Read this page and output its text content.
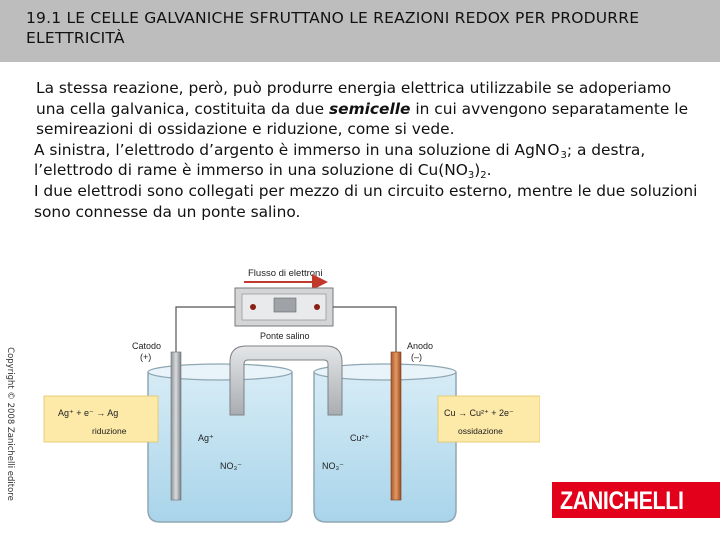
19.1 LE CELLE GALVANICHE SFRUTTANO LE REAZIONI REDOX PER PRODURRE ELETTRICITÀ

La stessa reazione, però, può produrre energia elettrica utilizzabile se adoperiamo una cella galvanica, costituita da due semicelle in cui avvengono separatamente le semireazioni di ossidazione e riduzione, come si vede.

A sinistra, l’elettrodo d’argento è immerso in una soluzione di AgNO$_3$; a destra, l’elettrodo di rame è immerso in una soluzione di $Cu(NO_3)_2$.

I due elettrodi sono collegati per mezzo di un circuito esterno, mentre le due soluzioni sono connesse da un ponte salino.

Flusso di elettroni
Ponte salino
Catodo
(+)
Anodo
(–)
Ag⁺ + e⁻ → Ag
riduzione
Cu → Cu²⁺ + 2e⁻
ossidazione
Ag⁺
NO₃⁻
Cu²⁺
NO₃⁻
Copyright © 2008 Zanichelli editore
ZANICHELLI
